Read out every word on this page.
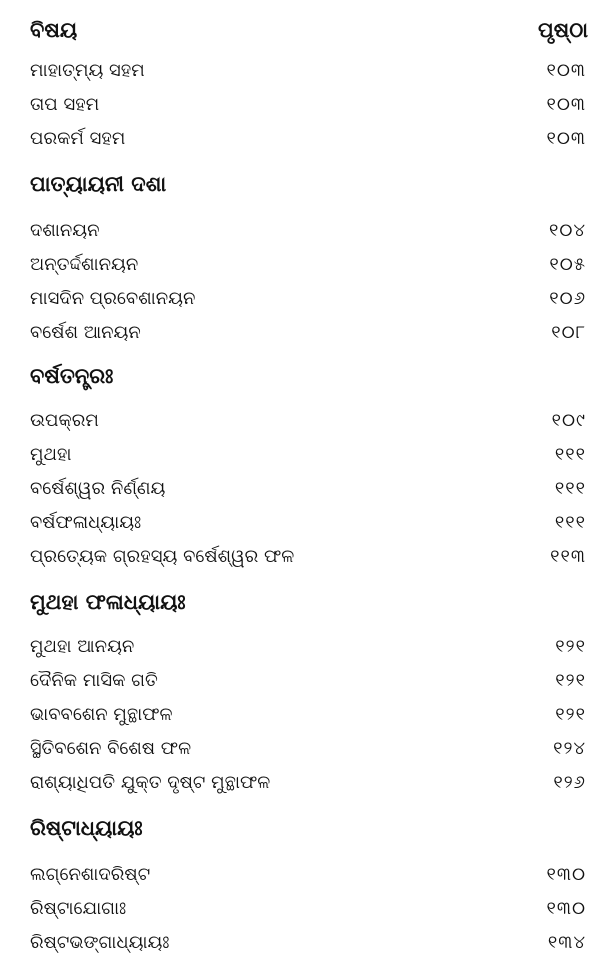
ବିଷୟ	ପୃଷ୍ଠା
ମାହାତ୍ମ୍ୟ ସହମ	୧୦୩
ତାପ ସହମ	୧୦୩
ପରକର୍ମ ସହମ	୧୦୩
ପାତ୍ୟାୟନୀ ଦଶା
ଦଶାନୟନ	୧୦୪
ଅନ୍ତର୍ଦ୍ଦଶାନୟନ	୧୦୫
ମାସଦିନ ପ୍ରବେଶାନୟନ	୧୦୬
ବର୍ଷେଶ ଆନୟନ	୧୦୮
ବର୍ଷତନ୍ତ୍ରଃ
ଉପକ୍ରମ	୧୦୯
ମୁଥହା	୧୧୧
ବର୍ଷେଶ୍ୱର ନିର୍ଣ୍ଣୟ	୧୧୧
ବର୍ଷଫଳାଧ୍ୟାୟଃ	୧୧୧
ପ୍ରତ୍ୟେକ ଗ୍ରହସ୍ୟ ବର୍ଷେଶ୍ୱର ଫଳ	୧୧୩
ମୁଥହା ଫଳାଧ୍ୟାୟଃ
ମୁଥହା ଆନୟନ	୧୨୧
ଦୈନିକ ମାସିକ ଗତି	୧୨୧
ଭାବବଶେନ ମୁନ୍ଥାଫଳ	୧୨୧
ସ୍ଥିତିବଶେନ ବିଶେଷ ଫଳ	୧୨୪
ରାଶ୍ୟାଧିପତି ଯୁକ୍ତ ଦୃଷ୍ଟ ମୁନ୍ଥାଫଳ	୧୨୬
ରିଷ୍ଟାଧ୍ୟାୟଃ
ଲଗ୍ନେଶାଦରିଷ୍ଟ	୧୩୦
ରିଷ୍ଟାଯୋଗାଃ	୧୩୦
ରିଷ୍ଟଭଙ୍ଗାଧ୍ୟାୟଃ	୧୩୪
